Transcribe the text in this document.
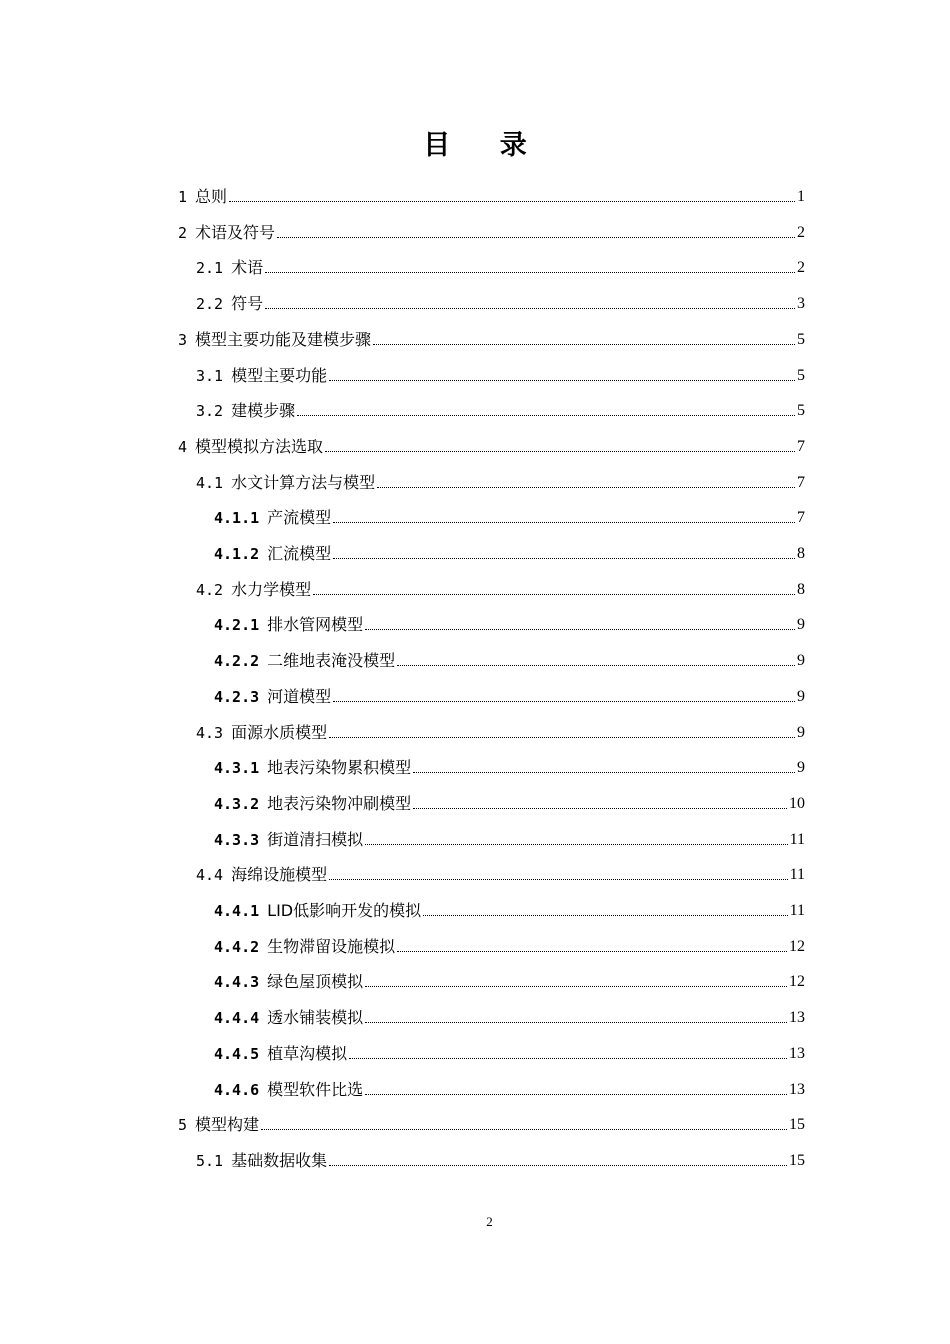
目 录
1 总则	1
2 术语及符号	2
2.1 术语	2
2.2 符号	3
3 模型主要功能及建模步骤	5
3.1 模型主要功能	5
3.2 建模步骤	5
4 模型模拟方法选取	7
4.1 水文计算方法与模型	7
4.1.1 产流模型	7
4.1.2 汇流模型	8
4.2 水力学模型	8
4.2.1 排水管网模型	9
4.2.2 二维地表淹没模型	9
4.2.3 河道模型	9
4.3 面源水质模型	9
4.3.1 地表污染物累积模型	9
4.3.2 地表污染物冲刷模型	10
4.3.3 街道清扫模拟	11
4.4 海绵设施模型	11
4.4.1 LID低影响开发的模拟	11
4.4.2 生物滞留设施模拟	12
4.4.3 绿色屋顶模拟	12
4.4.4 透水铺装模拟	13
4.4.5 植草沟模拟	13
4.4.6 模型软件比选	13
5 模型构建	15
5.1 基础数据收集	15
2
